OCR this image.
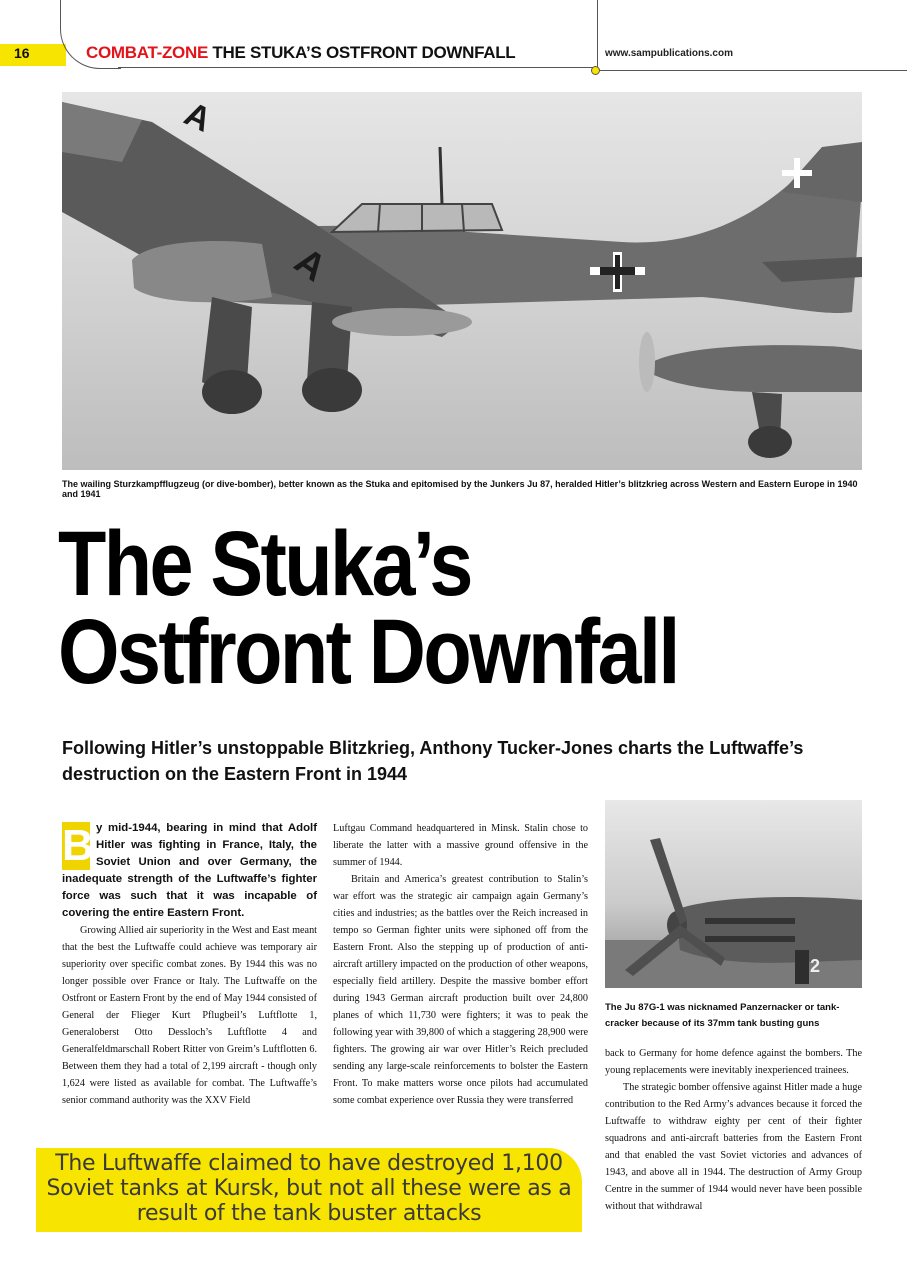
16	COMBAT-ZONE THE STUKA’S OSTFRONT DOWNFALL	www.sampublications.com
A
A
The wailing Sturzkampfflugzeug (or dive-bomber), better known as the Stuka and epitomised by the Junkers Ju 87, heralded Hitler’s blitzkrieg across Western and Eastern Europe in 1940 and 1941
The Stuka’s
Ostfront Downfall

Following Hitler’s unstoppable Blitzkrieg, Anthony Tucker-Jones charts the Luftwaffe’s destruction on the Eastern Front in 1944

B y mid-1944, bearing in mind that Adolf Hitler was fighting in France, Italy, the Soviet Union and over Germany, the inadequate strength of the Luftwaffe’s fighter force was such that it was incapable of covering the entire Eastern Front.

Growing Allied air superiority in the West and East meant that the best the Luftwaffe could achieve was temporary air superiority over specific combat zones. By 1944 this was no longer possible over France or Italy. The Luftwaffe on the Ostfront or Eastern Front by the end of May 1944 consisted of General der Flieger Kurt Pflugbeil’s Luftflotte 1, Generaloberst Otto Dessloch’s Luftflotte 4 and Generalfeldmarschall Robert Ritter von Greim’s Luftflotten 6. Between them they had a total of 2,199 aircraft - though only 1,624 were listed as available for combat. The Luftwaffe’s senior command authority was the XXV Field

Luftgau Command headquartered in Minsk. Stalin chose to liberate the latter with a massive ground offensive in the summer of 1944.

Britain and America’s greatest contribution to Stalin’s war effort was the strategic air campaign again Germany’s cities and industries; as the battles over the Reich increased in tempo so German fighter units were siphoned off from the Eastern Front. Also the stepping up of production of anti-aircraft artillery impacted on the production of other weapons, especially field artillery. Despite the massive bomber effort during 1943 German aircraft production built over 24,800 planes of which 11,730 were fighters; it was to peak the following year with 39,800 of which a staggering 28,900 were fighters. The growing air war over Hitler’s Reich precluded sending any large-scale reinforcements to bolster the Eastern Front. To make matters worse once pilots had accumulated some combat experience over Russia they were transferred

2
The Ju 87G-1 was nicknamed Panzernacker or tank-cracker because of its 37mm tank busting guns

back to Germany for home defence against the bombers. The young replacements were inevitably inexperienced trainees.

The strategic bomber offensive against Hitler made a huge contribution to the Red Army’s advances because it forced the Luftwaffe to withdraw eighty per cent of their fighter squadrons and anti-aircraft batteries from the Eastern Front and that enabled the vast Soviet victories and advances of 1943, and above all in 1944. The destruction of Army Group Centre in the summer of 1944 would never have been possible without that withdrawal

The Luftwaffe claimed to have destroyed 1,100 Soviet tanks at Kursk, but not all these were as a result of the tank buster attacks
